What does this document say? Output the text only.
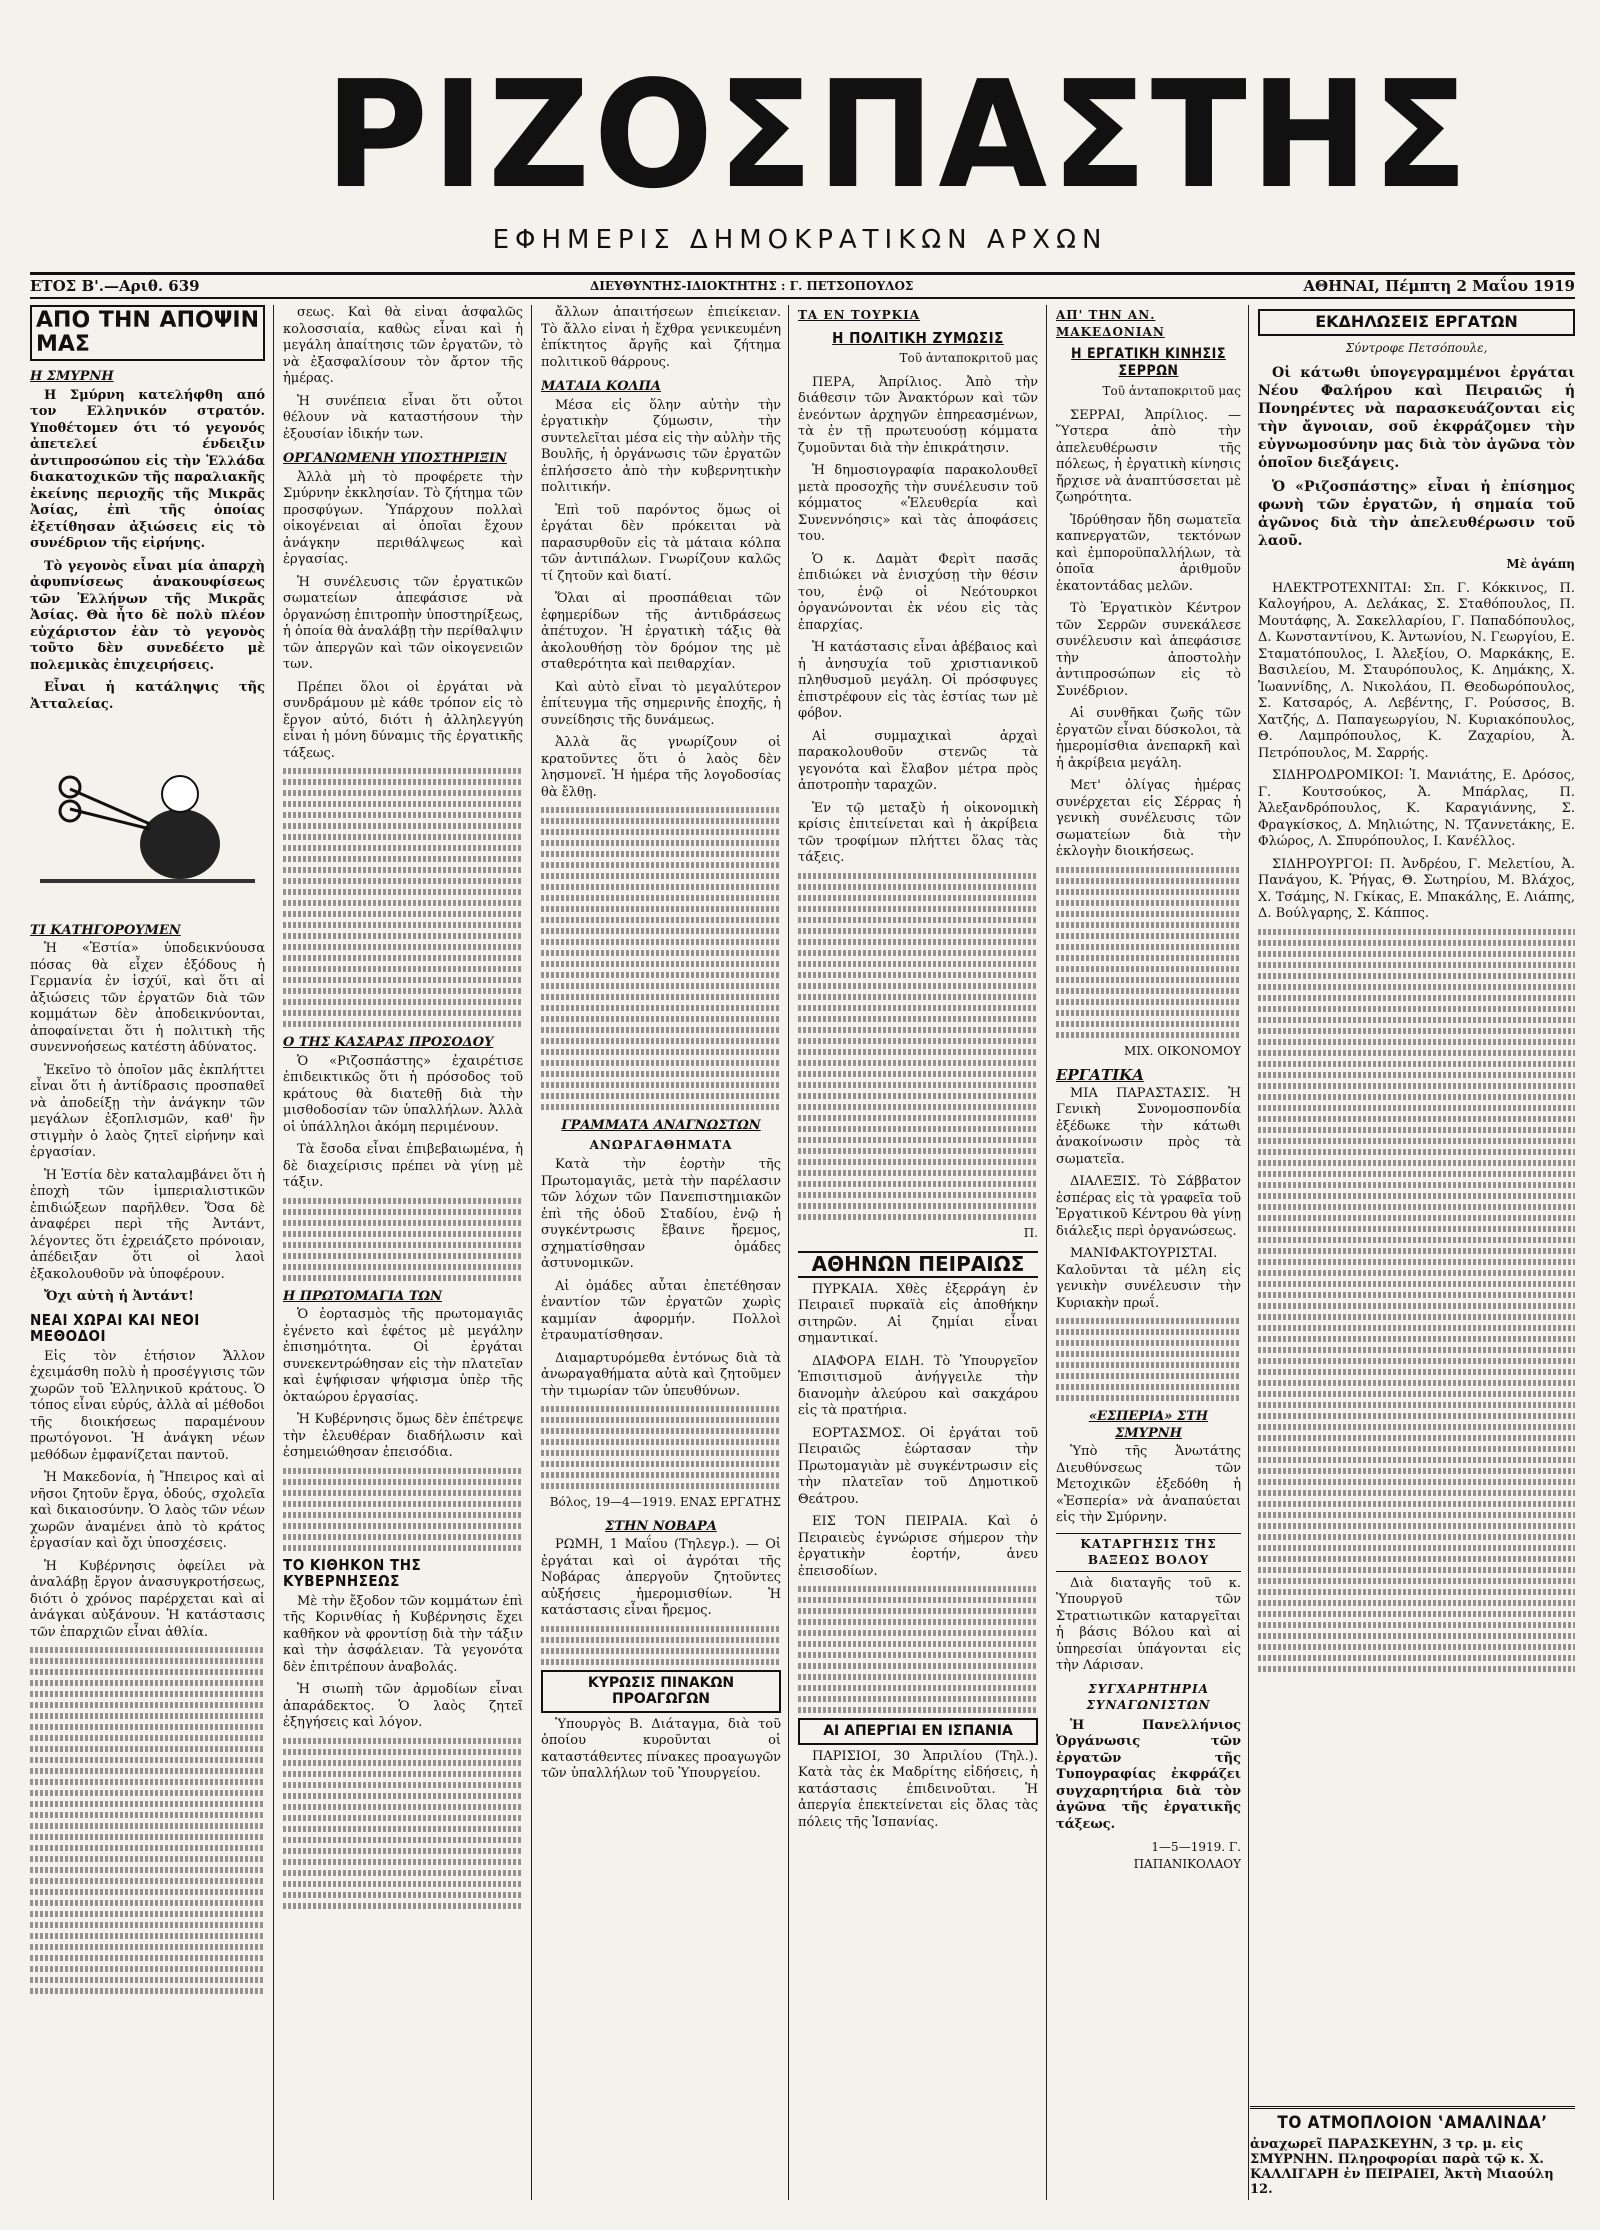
ΡΙΖΟΣΠΑΣΤΗΣ
ΕΦΗΜΕΡΙΣ ΔΗΜΟΚΡΑΤΙΚΩΝ ΑΡΧΩΝ
ΕΤΟΣ Β'.—Αριθ. 639	ΔΙΕΥΘΥΝΤΗΣ-ΙΔΙΟΚΤΗΤΗΣ : Γ. ΠΕΤΣΟΠΟΥΛΟΣ	ΑΘΗΝΑΙ, Πέμπτη 2 Μαΐου 1919
ΑΠΟ ΤΗΝ ΑΠΟΨΙΝ ΜΑΣ
Η ΣΜΥΡΝΗ

Η Σμύρνη κατελήφθη από τον Ελληνικόν στρατόν. Υποθέτομεν ότι τό γεγονός ἀπετελεί ένδειξιν ἀντιπροσώπου εἰς τὴν Ἑλλάδα διακατοχικῶν τῆς παραλιακῆς ἐκείνης περιοχῆς τῆς Μικρᾶς Ἀσίας, ἐπὶ τῆς ὁποίας ἐξετίθησαν ἀξιώσεις εἰς τὸ συνέδριον τῆς εἰρήνης.

Τὸ γεγονὸς εἶναι μία ἀπαρχὴ ἀφυπνίσεως ἀνακουφίσεως τῶν Ἑλλήνων τῆς Μικρᾶς Ἀσίας. Θὰ ἦτο δὲ πολὺ πλέον εὐχάριστον ἐὰν τὸ γεγονὸς τοῦτο δὲν συνεδέετο μὲ πολεμικὰς ἐπιχειρήσεις.

Εἶναι ἡ κατάληψις τῆς Ἀτταλείας.

ΤΙ ΚΑΤΗΓΟΡΟΥΜΕΝ

Ἡ «Ἑστία» ὑποδεικνύουσα πόσας θὰ εἶχεν ἐξόδους ἡ Γερμανία ἐν ἰσχύϊ, καὶ ὅτι αἱ ἀξιώσεις τῶν ἐργατῶν διὰ τῶν κομμάτων δὲν ἀποδεικνύονται, ἀποφαίνεται ὅτι ἡ πολιτικὴ τῆς συνεννοήσεως κατέστη ἀδύνατος.

Ἐκεῖνο τὸ ὁποῖον μᾶς ἐκπλήττει εἶναι ὅτι ἡ ἀντίδρασις προσπαθεῖ νὰ ἀποδείξῃ τὴν ἀνάγκην τῶν μεγάλων ἐξοπλισμῶν, καθ' ἣν στιγμὴν ὁ λαὸς ζητεῖ εἰρήνην καὶ ἐργασίαν.

Ἡ Ἑστία δὲν καταλαμβάνει ὅτι ἡ ἐποχὴ τῶν ἰμπεριαλιστικῶν ἐπιδιώξεων παρῆλθεν. Ὅσα δὲ ἀναφέρει περὶ τῆς Ἀντάντ, λέγοντες ὅτι ἐχρειάζετο πρόνοιαν, ἀπέδειξαν ὅτι οἱ λαοὶ ἐξακολουθοῦν νὰ ὑποφέρουν.

Ὄχι αὐτὴ ἡ Ἀντάντ!

ΝΕΑΙ ΧΩΡΑΙ ΚΑΙ ΝΕΟΙ ΜΕΘΟΔΟΙ

Εἰς τὸν ἐτήσιον Ἄλλον ἐχειμάσθη πολὺ ἡ προσέγγισις τῶν χωρῶν τοῦ Ἑλληνικοῦ κράτους. Ὁ τόπος εἶναι εὐρύς, ἀλλὰ αἱ μέθοδοι τῆς διοικήσεως παραμένουν πρωτόγονοι. Ἡ ἀνάγκη νέων μεθόδων ἐμφανίζεται παντοῦ.

Ἡ Μακεδονία, ἡ Ἤπειρος καὶ αἱ νῆσοι ζητοῦν ἔργα, ὁδούς, σχολεῖα καὶ δικαιοσύνην. Ὁ λαὸς τῶν νέων χωρῶν ἀναμένει ἀπὸ τὸ κράτος ἐργασίαν καὶ ὄχι ὑποσχέσεις.

Ἡ Κυβέρνησις ὀφείλει νὰ ἀναλάβῃ ἔργον ἀνασυγκροτήσεως, διότι ὁ χρόνος παρέρχεται καὶ αἱ ἀνάγκαι αὐξάνουν. Ἡ κατάστασις τῶν ἐπαρχιῶν εἶναι ἀθλία.

σεως. Καὶ θὰ εἶναι ἀσφαλῶς κολοσσιαία, καθὼς εἶναι καὶ ἡ μεγάλη ἀπαίτησις τῶν ἐργατῶν, τὸ νὰ ἐξασφαλίσουν τὸν ἄρτον τῆς ἡμέρας.

Ἡ συνέπεια εἶναι ὅτι οὗτοι θέλουν νὰ καταστήσουν τὴν ἐξουσίαν ἰδικήν των.

ΟΡΓΑΝΩΜΕΝΗ ΥΠΟΣΤΗΡΙΞΙΝ

Ἀλλὰ μὴ τὸ προφέρετε τὴν Σμύρνην ἐκκλησίαν. Τὸ ζήτημα τῶν προσφύγων. Ὑπάρχουν πολλαὶ οἰκογένειαι αἱ ὁποῖαι ἔχουν ἀνάγκην περιθάλψεως καὶ ἐργασίας.

Ἡ συνέλευσις τῶν ἐργατικῶν σωματείων ἀπεφάσισε νὰ ὀργανώσῃ ἐπιτροπὴν ὑποστηρίξεως, ἡ ὁποία θὰ ἀναλάβῃ τὴν περίθαλψιν τῶν ἀπεργῶν καὶ τῶν οἰκογενειῶν των.

Πρέπει ὅλοι οἱ ἐργάται νὰ συνδράμουν μὲ κάθε τρόπον εἰς τὸ ἔργον αὐτό, διότι ἡ ἀλληλεγγύη εἶναι ἡ μόνη δύναμις τῆς ἐργατικῆς τάξεως.

Ο ΤΗΣ ΚΑΣΑΡΑΣ ΠΡΟΣΟΔΟΥ

Ὁ «Ριζοσπάστης» ἐχαιρέτισε ἐπιδεικτικῶς ὅτι ἡ πρόσοδος τοῦ κράτους θὰ διατεθῇ διὰ τὴν μισθοδοσίαν τῶν ὑπαλλήλων. Ἀλλὰ οἱ ὑπάλληλοι ἀκόμη περιμένουν.

Τὰ ἔσοδα εἶναι ἐπιβεβαιωμένα, ἡ δὲ διαχείρισις πρέπει νὰ γίνῃ μὲ τάξιν.

Η ΠΡΩΤΟΜΑΓΙΑ ΤΩΝ

Ὁ ἑορτασμὸς τῆς πρωτομαγιᾶς ἐγένετο καὶ ἐφέτος μὲ μεγάλην ἐπισημότητα. Οἱ ἐργάται συνεκεντρώθησαν εἰς τὴν πλατεῖαν καὶ ἐψήφισαν ψήφισμα ὑπὲρ τῆς ὀκταώρου ἐργασίας.

Ἡ Κυβέρνησις ὅμως δὲν ἐπέτρεψε τὴν ἐλευθέραν διαδήλωσιν καὶ ἐσημειώθησαν ἐπεισόδια.

ΤΟ ΚΙΘΗΚΟΝ ΤΗΣ ΚΥΒΕΡΝΗΣΕΩΣ

Μὲ τὴν ἔξοδον τῶν κομμάτων ἐπὶ τῆς Κορινθίας ἡ Κυβέρνησις ἔχει καθῆκον νὰ φροντίσῃ διὰ τὴν τάξιν καὶ τὴν ἀσφάλειαν. Τὰ γεγονότα δὲν ἐπιτρέπουν ἀναβολάς.

Ἡ σιωπὴ τῶν ἀρμοδίων εἶναι ἀπαράδεκτος. Ὁ λαὸς ζητεῖ ἐξηγήσεις καὶ λόγον.

ἄλλων ἀπαιτήσεων ἐπιείκειαν. Τὸ ἄλλο εἰναι ἡ ἔχθρα γενικευμένη ἐπίκτητος ἄργῆς καὶ ζήτημα πολιτικοῦ θάρρους.

ΜΑΤΑΙΑ ΚΟΛΠΑ

Μέσα εἰς ὅλην αὐτὴν τὴν ἐργατικὴν ζύμωσιν, τὴν συντελεῖται μέσα εἰς τὴν αὐλὴν τῆς Βουλῆς, ἡ ὀργάνωσις τῶν ἐργατῶν ἐπλήσσετο ἀπὸ τὴν κυβερνητικὴν πολιτικήν.

Ἐπὶ τοῦ παρόντος ὅμως οἱ ἐργάται δὲν πρόκειται νὰ παρασυρθοῦν εἰς τὰ μάταια κόλπα τῶν ἀντιπάλων. Γνωρίζουν καλῶς τί ζητοῦν καὶ διατί.

Ὅλαι αἱ προσπάθειαι τῶν ἐφημερίδων τῆς ἀντιδράσεως ἀπέτυχον. Ἡ ἐργατικὴ τάξις θὰ ἀκολουθήσῃ τὸν δρόμον της μὲ σταθερότητα καὶ πειθαρχίαν.

Καὶ αὐτὸ εἶναι τὸ μεγαλύτερον ἐπίτευγμα τῆς σημερινῆς ἐποχῆς, ἡ συνείδησις τῆς δυνάμεως.

Ἀλλὰ ἂς γνωρίζουν οἱ κρατοῦντες ὅτι ὁ λαὸς δὲν λησμονεῖ. Ἡ ἡμέρα τῆς λογοδοσίας θὰ ἔλθῃ.

ΓΡΑΜΜΑΤΑ ΑΝΑΓΝΩΣΤΩΝ
ΑΝΩΡΑΓΑΘΗΜΑΤΑ

Κατὰ τὴν ἑορτὴν τῆς Πρωτομαγιᾶς, μετὰ τὴν παρέλασιν τῶν λόχων τῶν Πανεπιστημιακῶν ἐπὶ τῆς ὁδοῦ Σταδίου, ἐνῷ ἡ συγκέντρωσις ἔβαινε ἤρεμος, σχηματίσθησαν ὀμάδες ἀστυνομικῶν.

Αἱ ὀμάδες αὗται ἐπετέθησαν ἐναντίον τῶν ἐργατῶν χωρὶς καμμίαν ἀφορμήν. Πολλοὶ ἐτραυματίσθησαν.

Διαμαρτυρόμεθα ἐντόνως διὰ τὰ ἀνωραγαθήματα αὐτὰ καὶ ζητοῦμεν τὴν τιμωρίαν τῶν ὑπευθύνων.

Βόλος, 19—4—1919. ΕΝΑΣ ΕΡΓΑΤΗΣ
ΣΤΗΝ ΝΟΒΑΡΑ

ΡΩΜΗ, 1 Μαΐου (Τηλεγρ.). — Οἱ ἐργάται καὶ οἱ ἀγρόται τῆς Νοβάρας ἀπεργοῦν ζητοῦντες αὐξήσεις ἡμερομισθίων. Ἡ κατάστασις εἶναι ἤρεμος.

ΚΥΡΩΣΙΣ ΠΙΝΑΚΩΝ ΠΡΟΑΓΩΓΩΝ

Ὑπουργὸς Β. Διάταγμα, διὰ τοῦ ὁποίου κυροῦνται οἱ καταστάθεντες πίνακες προαγωγῶν τῶν ὑπαλλήλων τοῦ Ὑπουργείου.

ΤΑ ΕΝ ΤΟΥΡΚΙΑ
Η ΠΟΛΙΤΙΚΗ ΖΥΜΩΣΙΣ
Τοῦ ἀνταποκριτοῦ μας

ΠΕΡΑ, Ἀπρίλιος. Ἀπὸ τὴν διάθεσιν τῶν Ἀνακτόρων καὶ τῶν ἐνεόντων ἀρχηγῶν ἐπηρεασμένων, τὰ ἐν τῇ πρωτευούσῃ κόμματα ζυμοῦνται διὰ τὴν ἐπικράτησιν.

Ἡ δημοσιογραφία παρακολουθεῖ μετὰ προσοχῆς τὴν συνέλευσιν τοῦ κόμματος «Ἐλευθερία καὶ Συνεννόησις» καὶ τὰς ἀποφάσεις του.

Ὁ κ. Δαμὰτ Φερὶτ πασᾶς ἐπιδιώκει νὰ ἐνισχύσῃ τὴν θέσιν του, ἐνῷ οἱ Νεότουρκοι ὀργανώνονται ἐκ νέου εἰς τὰς ἐπαρχίας.

Ἡ κατάστασις εἶναι ἀβέβαιος καὶ ἡ ἀνησυχία τοῦ χριστιανικοῦ πληθυσμοῦ μεγάλη. Οἱ πρόσφυγες ἐπιστρέφουν εἰς τὰς ἑστίας των μὲ φόβον.

Αἱ συμμαχικαὶ ἀρχαὶ παρακολουθοῦν στενῶς τὰ γεγονότα καὶ ἔλαβον μέτρα πρὸς ἀποτροπὴν ταραχῶν.

Ἐν τῷ μεταξὺ ἡ οἰκονομικὴ κρίσις ἐπιτείνεται καὶ ἡ ἀκρίβεια τῶν τροφίμων πλήττει ὅλας τὰς τάξεις.

Π.
ΑΘΗΝΩΝ ΠΕΙΡΑΙΩΣ

ΠΥΡΚΑΙΑ. Χθὲς ἐξερράγη ἐν Πειραιεῖ πυρκαϊὰ εἰς ἀποθήκην σιτηρῶν. Αἱ ζημίαι εἶναι σημαντικαί.

ΔΙΑΦΟΡΑ ΕΙΔΗ. Τὸ Ὑπουργεῖον Ἐπισιτισμοῦ ἀνήγγειλε τὴν διανομὴν ἀλεύρου καὶ σακχάρου εἰς τὰ πρατήρια.

ΕΟΡΤΑΣΜΟΣ. Οἱ ἐργάται τοῦ Πειραιῶς ἐώρτασαν τὴν Πρωτομαγιὰν μὲ συγκέντρωσιν εἰς τὴν πλατεῖαν τοῦ Δημοτικοῦ Θεάτρου.

ΕΙΣ ΤΟΝ ΠΕΙΡΑΙΑ. Καὶ ὁ Πειραιεὺς ἐγνώρισε σήμερον τὴν ἐργατικὴν ἑορτήν, ἀνευ ἐπεισοδίων.

ΑΙ ΑΠΕΡΓΙΑΙ ΕΝ ΙΣΠΑΝΙΑ

ΠΑΡΙΣΙΟΙ, 30 Ἀπριλίου (Τηλ.). Κατὰ τὰς ἐκ Μαδρίτης εἰδήσεις, ἡ κατάστασις ἐπιδεινοῦται. Ἡ ἀπεργία ἐπεκτείνεται εἰς ὅλας τὰς πόλεις τῆς Ἰσπανίας.

ΑΠ' ΤΗΝ ΑΝ. ΜΑΚΕΔΟΝΙΑΝ
Η ΕΡΓΑΤΙΚΗ ΚΙΝΗΣΙΣ ΣΕΡΡΩΝ
Τοῦ ἀνταποκριτοῦ μας

ΣΕΡΡΑΙ, Ἀπρίλιος. — Ὕστερα ἀπὸ τὴν ἀπελευθέρωσιν τῆς πόλεως, ἡ ἐργατικὴ κίνησις ἤρχισε νὰ ἀναπτύσσεται μὲ ζωηρότητα.

Ἱδρύθησαν ἤδη σωματεῖα καπνεργατῶν, τεκτόνων καὶ ἐμποροϋπαλλήλων, τὰ ὁποῖα ἀριθμοῦν ἑκατοντάδας μελῶν.

Τὸ Ἐργατικὸν Κέντρον τῶν Σερρῶν συνεκάλεσε συνέλευσιν καὶ ἀπεφάσισε τὴν ἀποστολὴν ἀντιπροσώπων εἰς τὸ Συνέδριον.

Αἱ συνθῆκαι ζωῆς τῶν ἐργατῶν εἶναι δύσκολοι, τὰ ἡμερομίσθια ἀνεπαρκῆ καὶ ἡ ἀκρίβεια μεγάλη.

Μετ' ὀλίγας ἡμέρας συνέρχεται εἰς Σέρρας ἡ γενικὴ συνέλευσις τῶν σωματείων διὰ τὴν ἐκλογὴν διοικήσεως.

ΜΙΧ. ΟΙΚΟΝΟΜΟΥ
ΕΡΓΑΤΙΚΑ

ΜΙΑ ΠΑΡΑΣΤΑΣΙΣ. Ἡ Γενικὴ Συνομοσπονδία ἐξέδωκε τὴν κάτωθι ἀνακοίνωσιν πρὸς τὰ σωματεῖα.

ΔΙΑΛΕΞΙΣ. Τὸ Σάββατον ἑσπέρας εἰς τὰ γραφεῖα τοῦ Ἐργατικοῦ Κέντρου θὰ γίνῃ διάλεξις περὶ ὀργανώσεως.

ΜΑΝΙΦΑΚΤΟΥΡΙΣΤΑΙ. Καλοῦνται τὰ μέλη εἰς γενικὴν συνέλευσιν τὴν Κυριακὴν πρωΐ.

«ΕΣΠΕΡΙΑ» ΣΤΗ ΣΜΥΡΝΗ

Ὑπὸ τῆς Ἀνωτάτης Διευθύνσεως τῶν Μετοχικῶν ἐξεδόθη ἡ «Ἑσπερία» νὰ ἀναπαύεται εἰς τὴν Σμύρνην.

ΚΑΤΑΡΓΗΣΙΣ ΤΗΣ ΒΑΞΕΩΣ ΒΟΛΟΥ

Διὰ διαταγῆς τοῦ κ. Ὑπουργοῦ τῶν Στρατιωτικῶν καταργεῖται ἡ βάσις Βόλου καὶ αἱ ὑπηρεσίαι ὑπάγονται εἰς τὴν Λάρισαν.

ΣΥΓΧΑΡΗΤΗΡΙΑ ΣΥΝΑΓΩΝΙΣΤΩΝ

Ἡ Πανελλήνιος Ὀργάνωσις τῶν ἐργατῶν τῆς Τυπογραφίας ἐκφράζει συγχαρητήρια διὰ τὸν ἀγῶνα τῆς ἐργατικῆς τάξεως.

1—5—1919. Γ. ΠΑΠΑΝΙΚΟΛΑΟΥ
ΕΚΔΗΛΩΣΕΙΣ ΕΡΓΑΤΩΝ
Σύντροφε Πετσόπουλε,

Οἱ κάτωθι ὑπογεγραμμένοι ἐργάται Νέου Φαλήρου καὶ Πειραιῶς ἡ Πονηρέντες νὰ παρασκευάζονται εἰς τὴν ἄγνοιαν, σοῦ ἐκφράζομεν τὴν εὐγνωμοσύνην μας διὰ τὸν ἀγῶνα τὸν ὁποῖον διεξάγεις.

Ὁ «Ριζοσπάστης» εἶναι ἡ ἐπίσημος φωνὴ τῶν ἐργατῶν, ἡ σημαία τοῦ ἀγῶνος διὰ τὴν ἀπελευθέρωσιν τοῦ λαοῦ.

Μὲ ἀγάπη

ΗΛΕΚΤΡΟΤΕΧΝΙΤΑΙ: Σπ. Γ. Κόκκινος, Π. Καλογήρου, Α. Δελάκας, Σ. Σταθόπουλος, Π. Μουτάφης, Ἀ. Σακελλαρίου, Γ. Παπαδόπουλος, Δ. Κωνσταντίνου, Κ. Ἀντωνίου, Ν. Γεωργίου, Ε. Σταματόπουλος, Ι. Ἀλεξίου, Ο. Μαρκάκης, Ε. Βασιλείου, Μ. Σταυρόπουλος, Κ. Δημάκης, Χ. Ἰωαννίδης, Λ. Νικολάου, Π. Θεοδωρόπουλος, Σ. Κατσαρός, Α. Λεβέντης, Γ. Ρούσσος, Β. Χατζής, Δ. Παπαγεωργίου, Ν. Κυριακόπουλος, Θ. Λαμπρόπουλος, Κ. Ζαχαρίου, Ἀ. Πετρόπουλος, Μ. Σαρρής.

ΣΙΔΗΡΟΔΡΟΜΙΚΟΙ: Ἰ. Μανιάτης, Ε. Δρόσος, Γ. Κουτσούκος, Ἀ. Μπάρλας, Π. Ἀλεξανδρόπουλος, Κ. Καραγιάννης, Σ. Φραγκίσκος, Δ. Μηλιώτης, Ν. Τζαννετάκης, Ε. Φλώρος, Λ. Σπυρόπουλος, Ι. Κανέλλος.

ΣΙΔΗΡΟΥΡΓΟΙ: Π. Ἀνδρέου, Γ. Μελετίου, Ἀ. Πανάγου, Κ. Ῥήγας, Θ. Σωτηρίου, Μ. Βλάχος, Χ. Τσάμης, Ν. Γκίκας, Ε. Μπακάλης, Ε. Λιάπης, Δ. Βούλγαρης, Σ. Κάππος.

ΤΟ ΑΤΜΟΠΛΟΙΟΝ ‛ΑΜΑΛΙΝΔΑ’

ἀναχωρεῖ ΠΑΡΑΣΚΕΥΗΝ, 3 τρ. μ. εἰς ΣΜΥΡΝΗΝ. Πληροφορίαι παρὰ τῷ κ. Χ. ΚΑΛΛΙΓΑΡΗ ἐν ΠΕΙΡΑΙΕΙ, Ἀκτὴ Μιαούλη 12.
